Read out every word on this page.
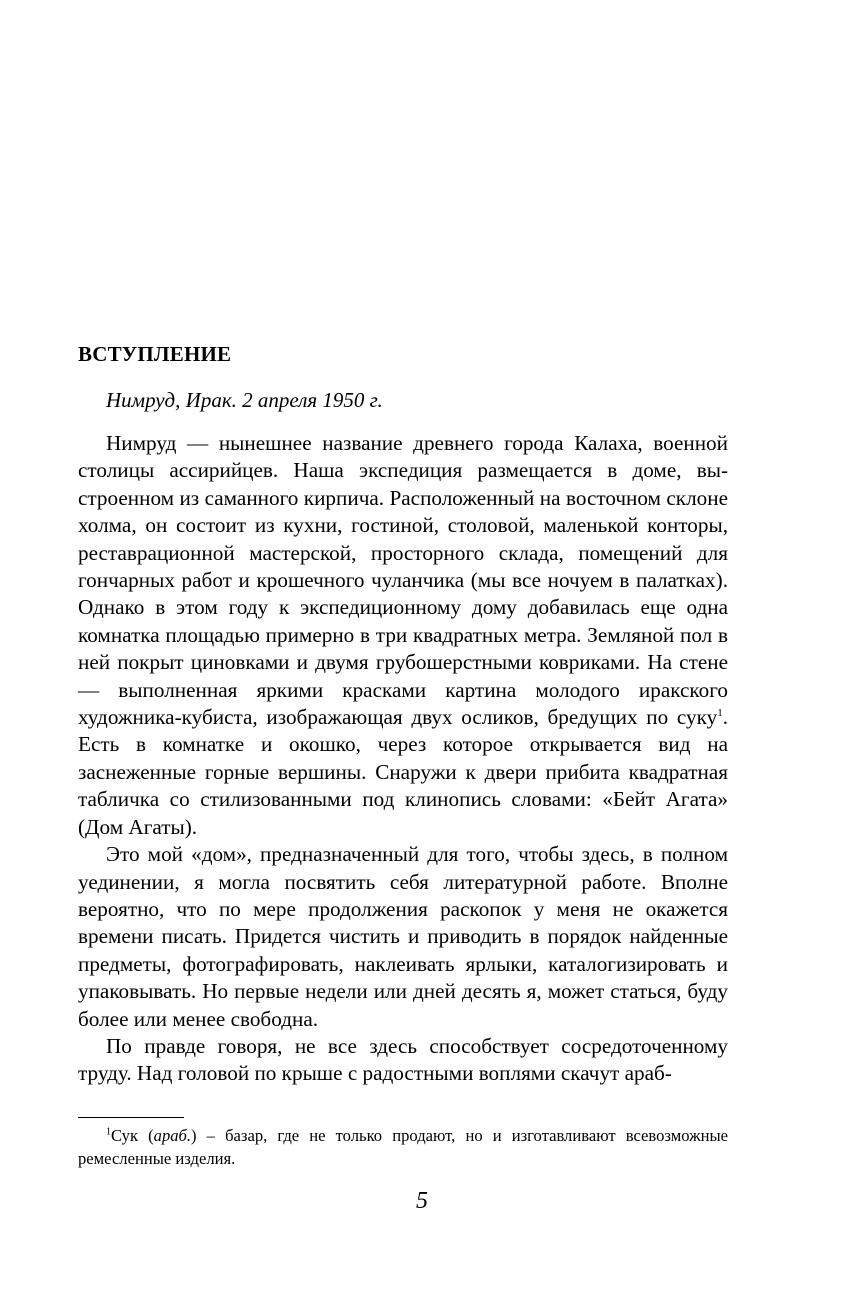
ВСТУПЛЕНИЕ

Нимруд, Ирак. 2 апреля 1950 г.

Нимруд — нынешнее название древнего города Калаха, военной столицы ассирийцев. Наша экспедиция размещается в доме, выстроенном из саманного кирпича. Расположенный на восточном склоне холма, он состоит из кухни, гостиной, столовой, маленькой конторы, реставрационной мастерской, просторного склада, помещений для гончарных работ и крошечного чуланчика (мы все ночуем в палатках). Однако в этом году к экспедиционному дому добавилась еще одна комнатка площадью примерно в три квадратных метра. Земляной пол в ней покрыт циновками и двумя грубошерстными ковриками. На стене — выполненная яркими красками картина молодого иракского художника-кубиста, изображающая двух осликов, бредущих по суку$^1$. Есть в комнатке и окошко, через которое открывается вид на заснеженные горные вершины. Снаружи к двери прибита квадратная табличка со стилизованными под клинопись словами: «Бейт Агата» (Дом Агаты).

Это мой «дом», предназначенный для того, чтобы здесь, в полном уединении, я могла посвятить себя литературной работе. Вполне вероятно, что по мере продолжения раскопок у меня не окажется времени писать. Придется чистить и приводить в порядок найденные предметы, фотографировать, наклеивать ярлыки, каталогизировать и упаковывать. Но первые недели или дней десять я, может статься, буду более или менее свободна.

По правде говоря, не все здесь способствует сосредоточенному труду. Над головой по крыше с радостными воплями скачут араб-

$^1$Сук (араб.) – базар, где не только продают, но и изготавливают всевозможные ремесленные изделия.

5
